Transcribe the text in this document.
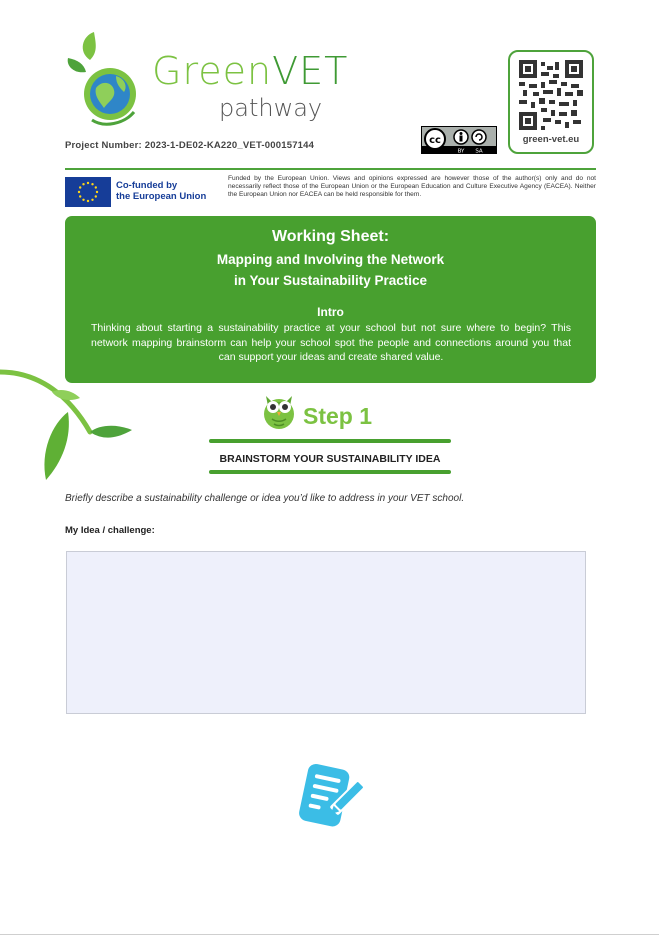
GreenVET
pathway
Project Number: 2023-1-DE02-KA220_VET-000157144	cc
BY SA
green-vet.eu
Co-funded by
the European Union
Funded by the European Union. Views and opinions expressed are however those of the author(s) only and do not necessarily reflect those of the European Union or the European Education and Culture Executive Agency (EACEA). Neither the European Union nor EACEA can be held responsible for them.
Working Sheet:
Mapping and Involving the Network
in Your Sustainability Practice
Intro
Thinking about starting a sustainability practice at your school but not sure where to begin? This network mapping brainstorm can help your school spot the people and connections around you that can support your ideas and create shared value.
Step 1
BRAINSTORM YOUR SUSTAINABILITY IDEA
Briefly describe a sustainability challenge or idea you’d like to address in your VET school.
My Idea / challenge:
